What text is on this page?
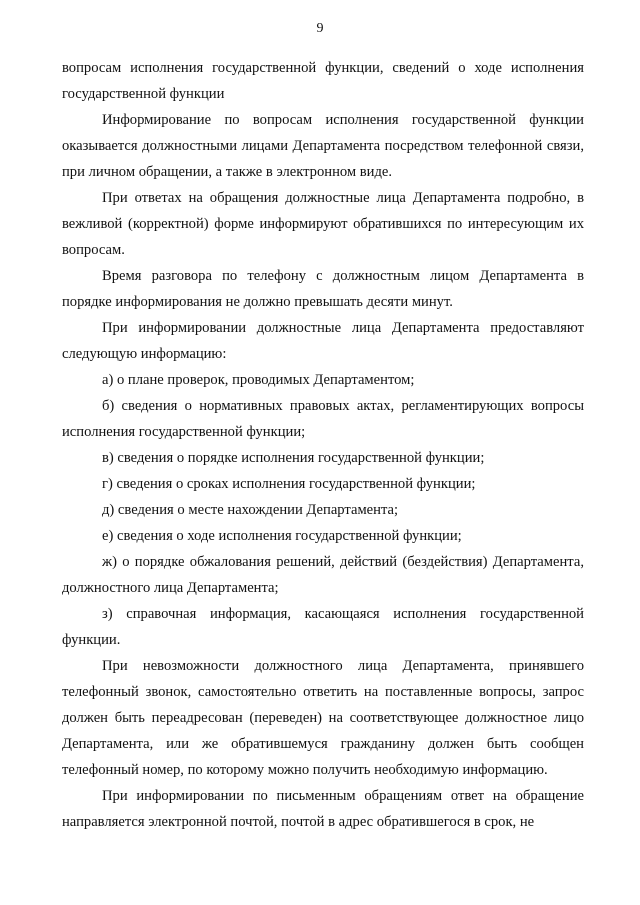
9

вопросам исполнения государственной функции, сведений о ходе исполнения государственной функции

Информирование по вопросам исполнения государственной функции оказывается должностными лицами Департамента посредством телефонной связи, при личном обращении, а также в электронном виде.

При ответах на обращения должностные лица Департамента подробно, в вежливой (корректной) форме информируют обратившихся по интересующим их вопросам.

Время разговора по телефону с должностным лицом Департамента в порядке информирования не должно превышать десяти минут.

При информировании должностные лица Департамента предоставляют следующую информацию:

а) о плане проверок, проводимых Департаментом;

б) сведения о нормативных правовых актах, регламентирующих вопросы исполнения государственной функции;

в) сведения о порядке исполнения государственной функции;

г) сведения о сроках исполнения государственной функции;

д) сведения о месте нахождении Департамента;

е) сведения о ходе исполнения государственной функции;

ж) о порядке обжалования решений, действий (бездействия) Департамента, должностного лица Департамента;

з) справочная информация, касающаяся исполнения государственной функции.

При невозможности должностного лица Департамента, принявшего телефонный звонок, самостоятельно ответить на поставленные вопросы, запрос должен быть переадресован (переведен) на соответствующее должностное лицо Департамента, или же обратившемуся гражданину должен быть сообщен телефонный номер, по которому можно получить необходимую информацию.

При информировании по письменным обращениям ответ на обращение направляется электронной почтой, почтой в адрес обратившегося в срок, не
